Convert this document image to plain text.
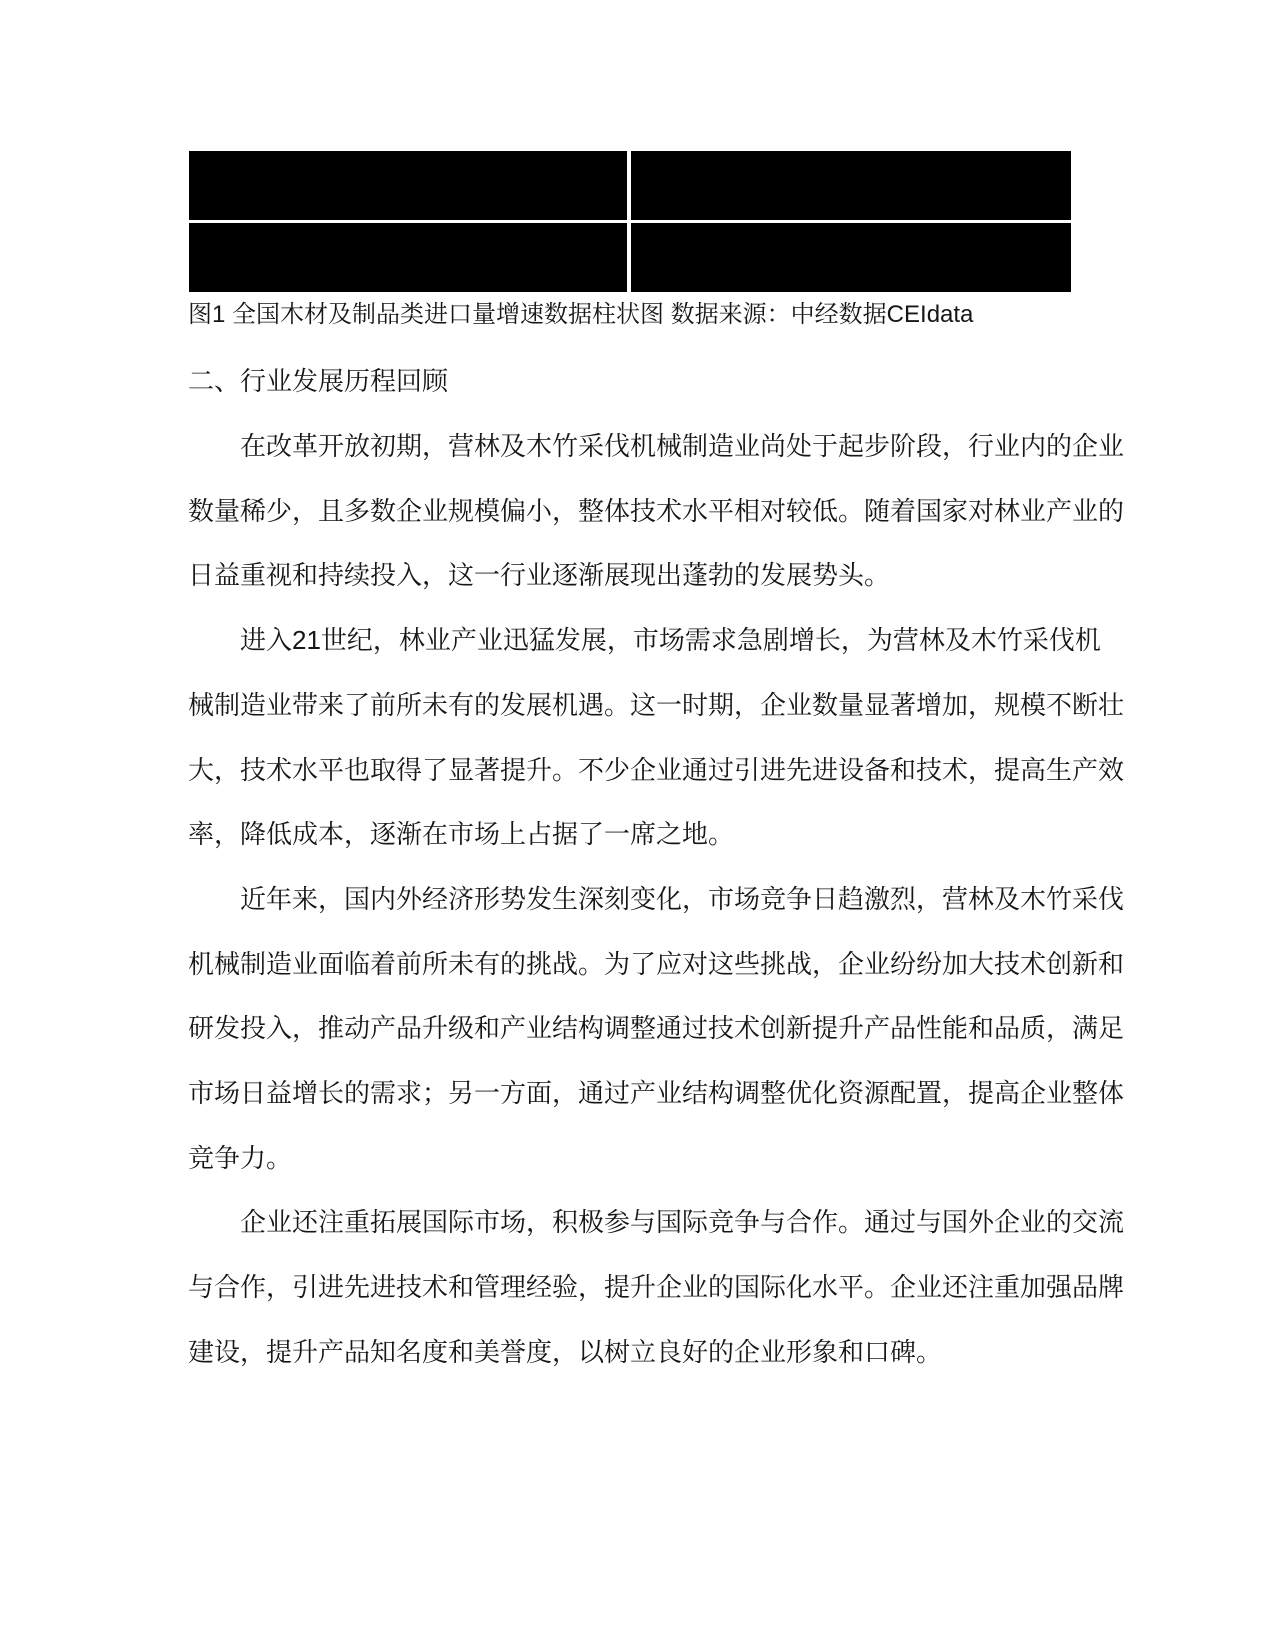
图1 全国木材及制品类进口量增速数据柱状图 数据来源：中经数据CEIdata
二、行业发展历程回顾
在改革开放初期，营林及木竹采伐机械制造业尚处于起步阶段，行业内的企业
数量稀少，且多数企业规模偏小，整体技术水平相对较低。随着国家对林业产业的
日益重视和持续投入，这一行业逐渐展现出蓬勃的发展势头。
进入21世纪，林业产业迅猛发展，市场需求急剧增长，为营林及木竹采伐机
械制造业带来了前所未有的发展机遇。这一时期，企业数量显著增加，规模不断壮
大，技术水平也取得了显著提升。不少企业通过引进先进设备和技术，提高生产效
率，降低成本，逐渐在市场上占据了一席之地。
近年来，国内外经济形势发生深刻变化，市场竞争日趋激烈，营林及木竹采伐
机械制造业面临着前所未有的挑战。为了应对这些挑战，企业纷纷加大技术创新和
研发投入，推动产品升级和产业结构调整通过技术创新提升产品性能和品质，满足
市场日益增长的需求；另一方面，通过产业结构调整优化资源配置，提高企业整体
竞争力。
企业还注重拓展国际市场，积极参与国际竞争与合作。通过与国外企业的交流
与合作，引进先进技术和管理经验，提升企业的国际化水平。企业还注重加强品牌
建设，提升产品知名度和美誉度，以树立良好的企业形象和口碑。
